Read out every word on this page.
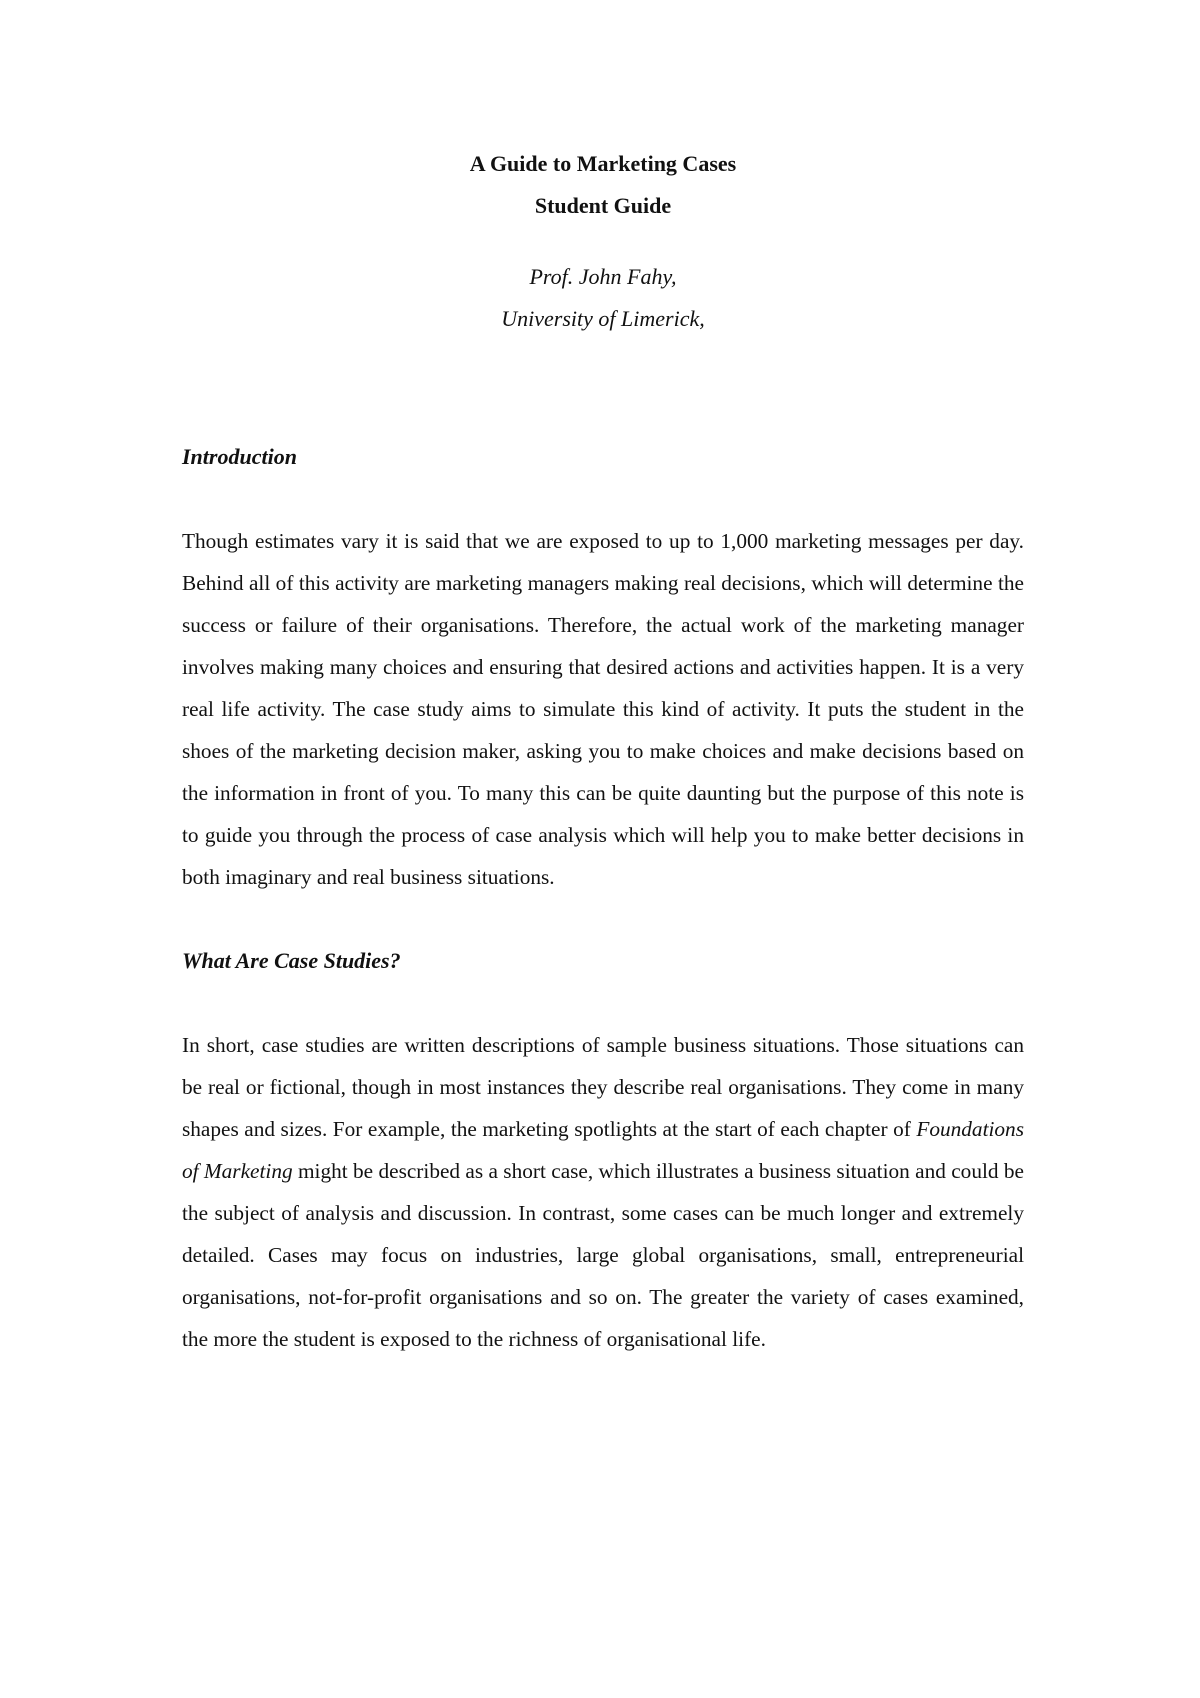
A Guide to Marketing Cases
Student Guide
Prof. John Fahy,
University of Limerick,
Introduction

Though estimates vary it is said that we are exposed to up to 1,000 marketing messages per day. Behind all of this activity are marketing managers making real decisions, which will determine the success or failure of their organisations. Therefore, the actual work of the marketing manager involves making many choices and ensuring that desired actions and activities happen. It is a very real life activity. The case study aims to simulate this kind of activity. It puts the student in the shoes of the marketing decision maker, asking you to make choices and make decisions based on the information in front of you. To many this can be quite daunting but the purpose of this note is to guide you through the process of case analysis which will help you to make better decisions in both imaginary and real business situations.

What Are Case Studies?

In short, case studies are written descriptions of sample business situations. Those situations can be real or fictional, though in most instances they describe real organisations. They come in many shapes and sizes. For example, the marketing spotlights at the start of each chapter of Foundations of Marketing might be described as a short case, which illustrates a business situation and could be the subject of analysis and discussion. In contrast, some cases can be much longer and extremely detailed. Cases may focus on industries, large global organisations, small, entrepreneurial organisations, not-for-profit organisations and so on. The greater the variety of cases examined, the more the student is exposed to the richness of organisational life.
